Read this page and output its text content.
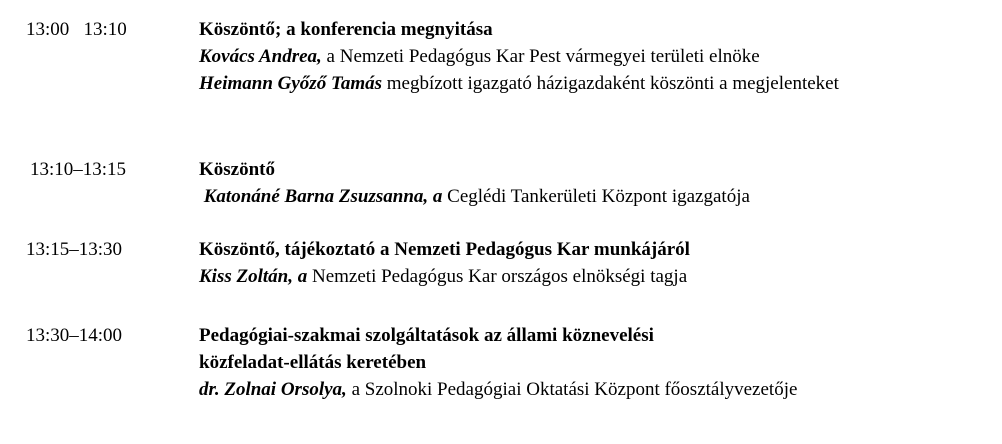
13:00   13:10	Köszöntő; a konferencia megnyitása
Kovács Andrea, a Nemzeti Pedagógus Kar Pest vármegyei területi elnöke
Heimann Győző Tamás megbízott igazgató házigazdaként köszönti a megjelenteket
13:10–13:15	Köszöntő
Katonáné Barna Zsuzsanna, a Ceglédi Tankerületi Központ igazgatója
13:15–13:30	Köszöntő, tájékoztató a Nemzeti Pedagógus Kar munkájáról
Kiss Zoltán, a Nemzeti Pedagógus Kar országos elnökségi tagja
13:30–14:00	Pedagógiai-szakmai szolgáltatások az állami köznevelési
közfeladat-ellátás keretében
dr. Zolnai Orsolya, a Szolnoki Pedagógiai Oktatási Központ főosztályvezetője
